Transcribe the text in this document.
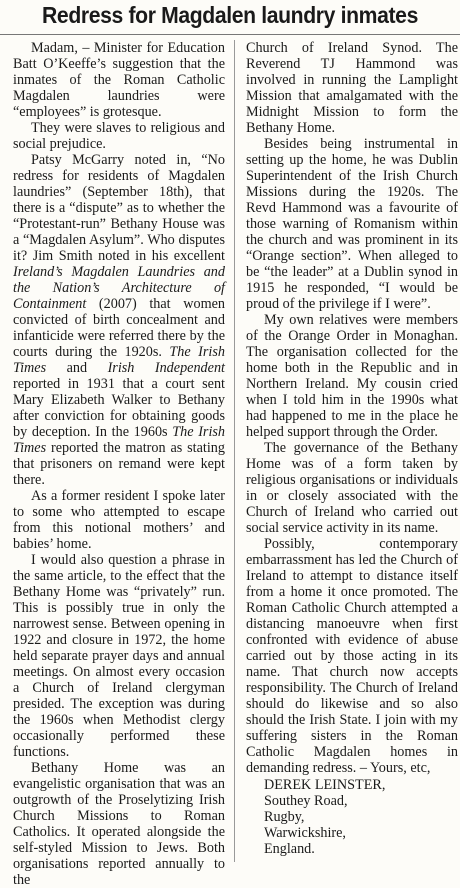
Redress for Magdalen laundry inmates

Madam, – Minister for Education Batt O’Keeffe’s suggestion that the inmates of the Roman Catholic Magdalen laundries were “employees” is grotesque.

They were slaves to religious and social prejudice.

Patsy McGarry noted in, “No redress for residents of Magdalen laundries” (September 18th), that there is a “dispute” as to whether the “Protestant-run” Bethany House was a “Magdalen Asylum”. Who disputes it? Jim Smith noted in his excellent Ireland’s Magdalen Laundries and the Nation’s Architecture of Containment (2007) that women convicted of birth concealment and infanticide were referred there by the courts during the 1920s. The Irish Times and Irish Independent reported in 1931 that a court sent Mary Elizabeth Walker to Bethany after conviction for obtaining goods by deception. In the 1960s The Irish Times reported the matron as stating that prisoners on remand were kept there.

As a former resident I spoke later to some who attempted to escape from this notional mothers’ and babies’ home.

I would also question a phrase in the same article, to the effect that the Bethany Home was “privately” run. This is possibly true in only the narrowest sense. Between opening in 1922 and closure in 1972, the home held separate prayer days and annual meetings. On almost every occasion a Church of Ireland clergyman presided. The exception was during the 1960s when Methodist clergy occasionally performed these functions.

Bethany Home was an evangelistic organisation that was an outgrowth of the Proselytizing Irish Church Missions to Roman Catholics. It operated alongside the self-styled Mission to Jews. Both organisations reported annually to the

Church of Ireland Synod. The Reverend TJ Hammond was involved in running the Lamplight Mission that amalgamated with the Midnight Mission to form the Bethany Home.

Besides being instrumental in setting up the home, he was Dublin Superintendent of the Irish Church Missions during the 1920s. The Revd Hammond was a favourite of those warning of Romanism within the church and was prominent in its “Orange section”. When alleged to be “the leader” at a Dublin synod in 1915 he responded, “I would be proud of the privilege if I were”.

My own relatives were members of the Orange Order in Monaghan. The organisation collected for the home both in the Republic and in Northern Ireland. My cousin cried when I told him in the 1990s what had happened to me in the place he helped support through the Order.

The governance of the Bethany Home was of a form taken by religious organisations or individuals in or closely associated with the Church of Ireland who carried out social service activity in its name.

Possibly, contemporary embarrassment has led the Church of Ireland to attempt to distance itself from a home it once promoted. The Roman Catholic Church attempted a distancing manoeuvre when first confronted with evidence of abuse carried out by those acting in its name. That church now accepts responsibility. The Church of Ireland should do likewise and so also should the Irish State. I join with my suffering sisters in the Roman Catholic Magdalen homes in demanding redress. – Yours, etc,

DEREK LEINSTER,
Southey Road,
Rugby,
Warwickshire,
England.
